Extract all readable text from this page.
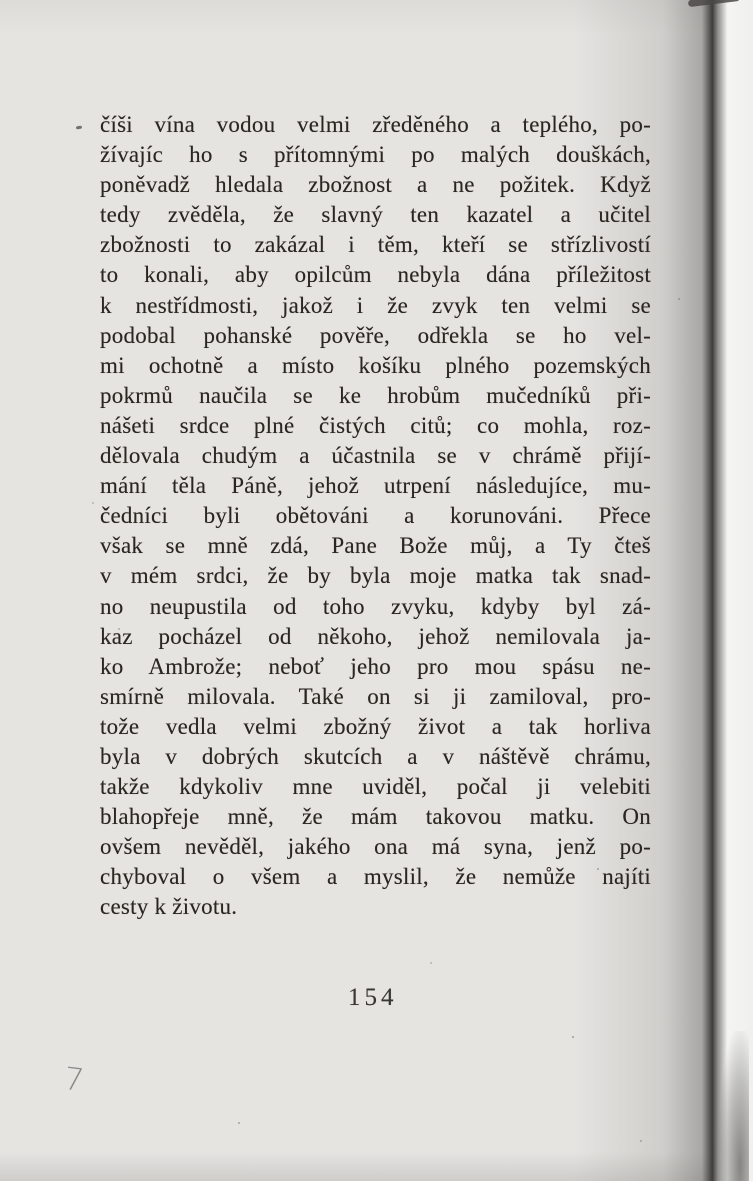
číši vína vodou velmi zředěného a teplého, po-
žívajíc ho s přítomnými po malých douškách,
poněvadž hledala zbožnost a ne požitek. Když
tedy zvěděla, že slavný ten kazatel a učitel
zbožnosti to zakázal i těm, kteří se střízlivostí
to konali, aby opilcům nebyla dána příležitost
k nestřídmosti, jakož i že zvyk ten velmi se
podobal pohanské pověře, odřekla se ho vel-
mi ochotně a místo košíku plného pozemských
pokrmů naučila se ke hrobům mučedníků při-
nášeti srdce plné čistých citů; co mohla, roz-
dělovala chudým a účastnila se v chrámě přijí-
mání těla Páně, jehož utrpení následujíce, mu-
čedníci byli obětováni a korunováni. Přece
však se mně zdá, Pane Bože můj, a Ty čteš
v mém srdci, že by byla moje matka tak snad-
no neupustila od toho zvyku, kdyby byl zá-
kaz pocházel od někoho, jehož nemilovala ja-
ko Ambrože; neboť jeho pro mou spásu ne-
smírně milovala. Také on si ji zamiloval, pro-
tože vedla velmi zbožný život a tak horliva
byla v dobrých skutcích a v náštěvě chrámu,
takže kdykoliv mne uviděl, počal ji velebiti
blahopřeje mně, že mám takovou matku. On
ovšem nevěděl, jakého ona má syna, jenž po-
chyboval o všem a myslil, že nemůže najíti
cesty k životu.
154
7
